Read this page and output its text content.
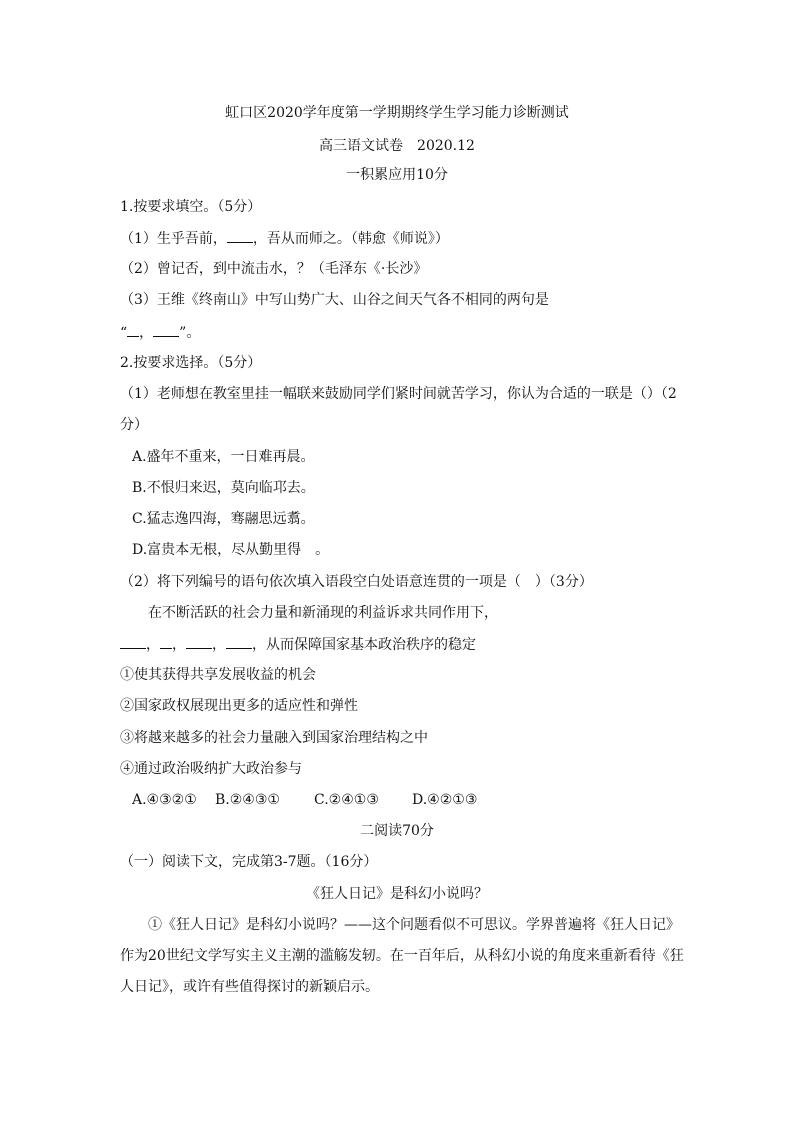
虹口区2020学年度第一学期期终学生学习能力诊断测试
高三语文试卷　2020.12
一积累应用10分
1.按要求填空。（5分）
（1）生乎吾前， ，吾从而师之。（韩愈《师说》）
（2）曾记否，到中流击水，？（毛泽东《·长沙》
（3）王维《终南山》中写山势广大、山谷之间天气各不相同的两句是
“ ， ”。
2.按要求选择。（5分）
（1）老师想在教室里挂一幅联来鼓励同学们紧时间就苦学习，你认为合适的一联是（）（2
分）
A.盛年不重来，一日难再晨。
B.不恨归来迟，莫向临邛去。
C.猛志逸四海，骞翮思远翥。
D.富贵本无根，尽从勤里得　。
（2）将下列编号的语句依次填入语段空白处语意连贯的一项是（　）（3分）
在不断活跃的社会力量和新涌现的利益诉求共同作用下，
， ， ， ，从而保障国家基本政治秩序的稳定
①使其获得共享发展收益的机会
②国家政权展现出更多的适应性和弹性
③将越来越多的社会力量融入到国家治理结构之中
④通过政治吸纳扩大政治参与
A.④③②① B.②④③① C.②④①③ D.④②①③
二阅读70分
（一）阅读下文，完成第3-7题。（16分）
《狂人日记》是科幻小说吗？
①《狂人日记》是科幻小说吗？——这个问题看似不可思议。学界普遍将《狂人日记》
作为20世纪文学写实主义主潮的滥觞发轫。在一百年后，从科幻小说的角度来重新看待《狂
人日记》，或许有些值得探讨的新颖启示。
